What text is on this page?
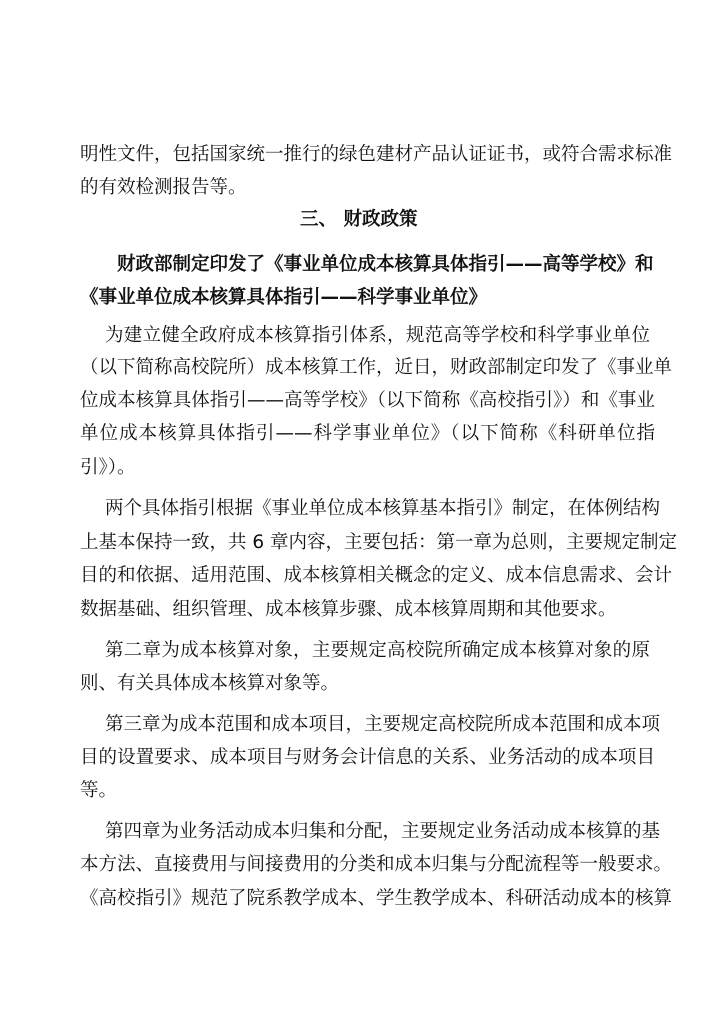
明性文件，包括国家统一推行的绿色建材产品认证证书，或符合需求标准
的有效检测报告等。
三、 财政政策
财政部制定印发了《事业单位成本核算具体指引——高等学校》和
《事业单位成本核算具体指引——科学事业单位》
为建立健全政府成本核算指引体系，规范高等学校和科学事业单位
（以下简称高校院所）成本核算工作，近日，财政部制定印发了《事业单
位成本核算具体指引——高等学校》（以下简称《高校指引》）和《事业
单位成本核算具体指引——科学事业单位》（以下简称《科研单位指
引》）。
两个具体指引根据《事业单位成本核算基本指引》制定，在体例结构
上基本保持一致，共 6 章内容，主要包括：第一章为总则，主要规定制定
目的和依据、适用范围、成本核算相关概念的定义、成本信息需求、会计
数据基础、组织管理、成本核算步骤、成本核算周期和其他要求。
第二章为成本核算对象，主要规定高校院所确定成本核算对象的原
则、有关具体成本核算对象等。
第三章为成本范围和成本项目，主要规定高校院所成本范围和成本项
目的设置要求、成本项目与财务会计信息的关系、业务活动的成本项目
等。
第四章为业务活动成本归集和分配，主要规定业务活动成本核算的基
本方法、直接费用与间接费用的分类和成本归集与分配流程等一般要求。
《高校指引》规范了院系教学成本、学生教学成本、科研活动成本的核算
